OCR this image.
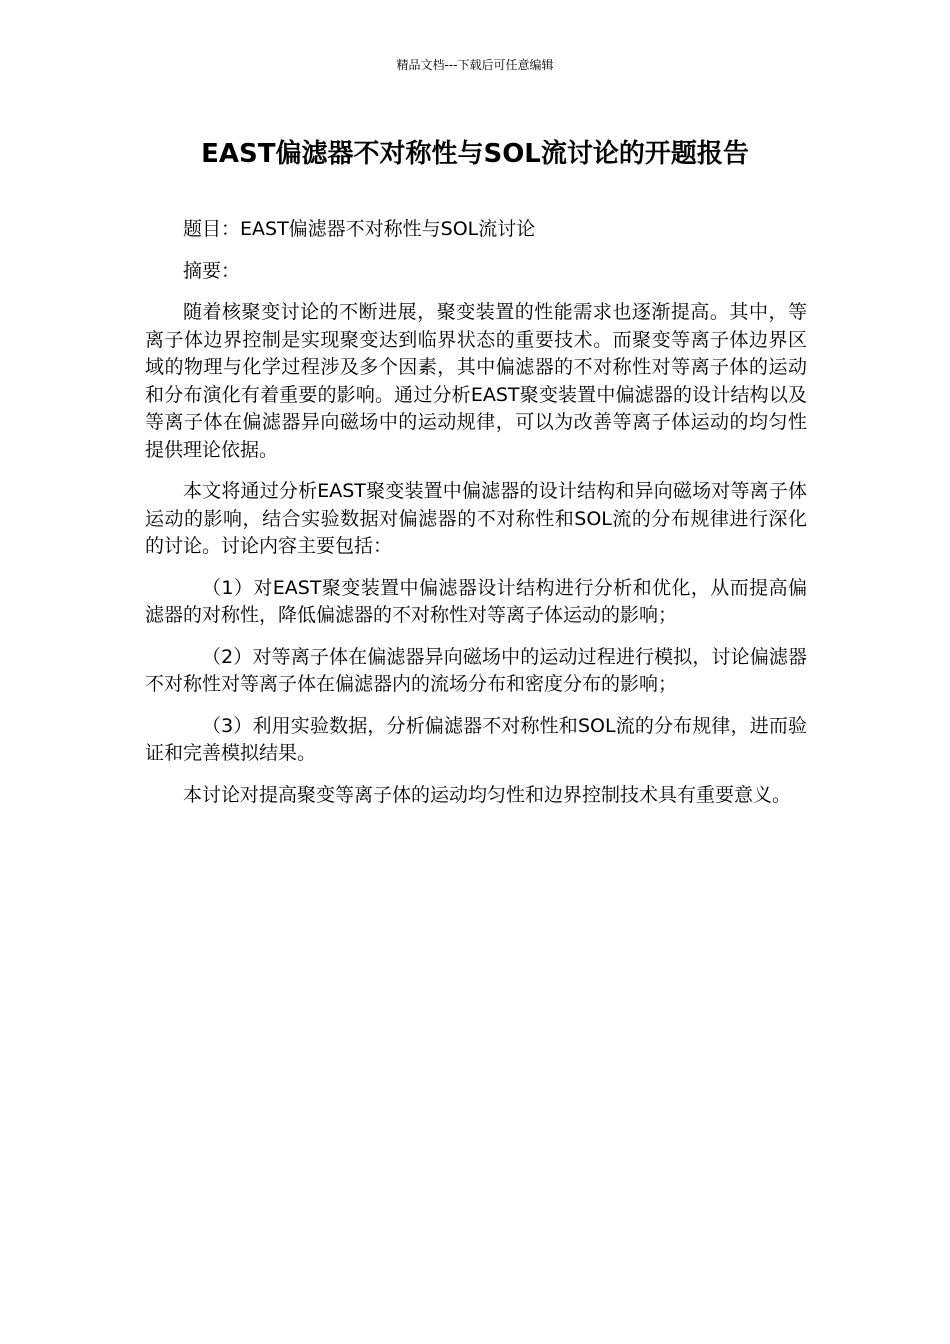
精品文档---下载后可任意编辑
EAST偏滤器不对称性与SOL流讨论的开题报告

题目：EAST偏滤器不对称性与SOL流讨论

摘要：

随着核聚变讨论的不断进展，聚变装置的性能需求也逐渐提高。其中，等离子体边界控制是实现聚变达到临界状态的重要技术。而聚变等离子体边界区域的物理与化学过程涉及多个因素，其中偏滤器的不对称性对等离子体的运动和分布演化有着重要的影响。通过分析EAST聚变装置中偏滤器的设计结构以及等离子体在偏滤器异向磁场中的运动规律，可以为改善等离子体运动的均匀性提供理论依据。

本文将通过分析EAST聚变装置中偏滤器的设计结构和异向磁场对等离子体运动的影响，结合实验数据对偏滤器的不对称性和SOL流的分布规律进行深化的讨论。讨论内容主要包括：

（1）对EAST聚变装置中偏滤器设计结构进行分析和优化，从而提高偏滤器的对称性，降低偏滤器的不对称性对等离子体运动的影响；

（2）对等离子体在偏滤器异向磁场中的运动过程进行模拟，讨论偏滤器不对称性对等离子体在偏滤器内的流场分布和密度分布的影响；

（3）利用实验数据，分析偏滤器不对称性和SOL流的分布规律，进而验证和完善模拟结果。

本讨论对提高聚变等离子体的运动均匀性和边界控制技术具有重要意义。
